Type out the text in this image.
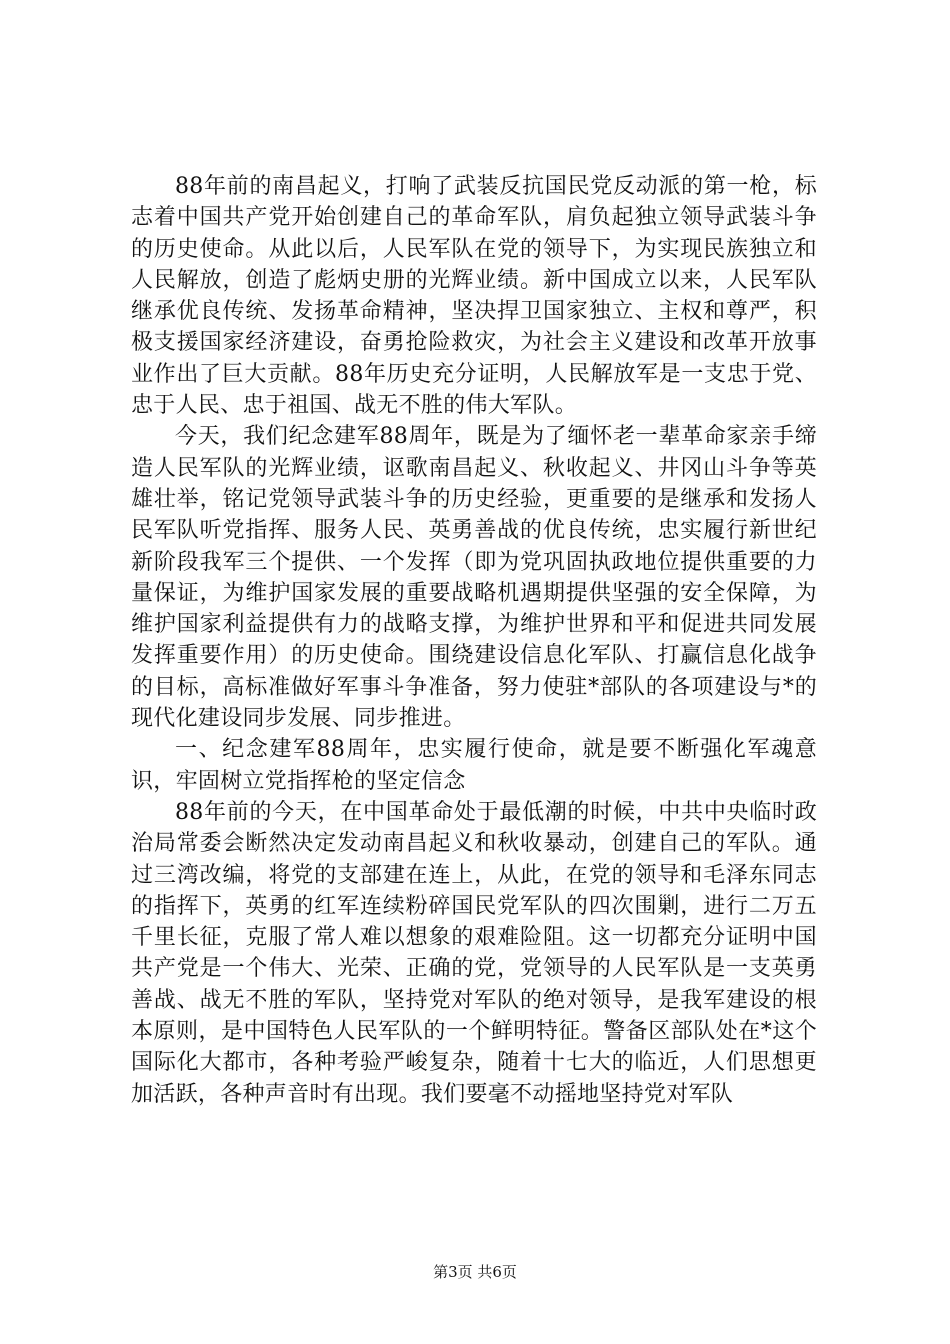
88年前的南昌起义，打响了武装反抗国民党反动派的第一枪，标志着中国共产党开始创建自己的革命军队，肩负起独立领导武装斗争的历史使命。从此以后，人民军队在党的领导下，为实现民族独立和人民解放，创造了彪炳史册的光辉业绩。新中国成立以来，人民军队继承优良传统、发扬革命精神，坚决捍卫国家独立、主权和尊严，积极支援国家经济建设，奋勇抢险救灾，为社会主义建设和改革开放事业作出了巨大贡献。88年历史充分证明，人民解放军是一支忠于党、忠于人民、忠于祖国、战无不胜的伟大军队。

今天，我们纪念建军88周年，既是为了缅怀老一辈革命家亲手缔造人民军队的光辉业绩，讴歌南昌起义、秋收起义、井冈山斗争等英雄壮举，铭记党领导武装斗争的历史经验，更重要的是继承和发扬人民军队听党指挥、服务人民、英勇善战的优良传统，忠实履行新世纪新阶段我军三个提供、一个发挥（即为党巩固执政地位提供重要的力量保证，为维护国家发展的重要战略机遇期提供坚强的安全保障，为维护国家利益提供有力的战略支撑，为维护世界和平和促进共同发展发挥重要作用）的历史使命。围绕建设信息化军队、打赢信息化战争的目标，高标准做好军事斗争准备，努力使驻*部队的各项建设与*的现代化建设同步发展、同步推进。

一、纪念建军88周年，忠实履行使命，就是要不断强化军魂意识，牢固树立党指挥枪的坚定信念

88年前的今天，在中国革命处于最低潮的时候，中共中央临时政治局常委会断然决定发动南昌起义和秋收暴动，创建自己的军队。通过三湾改编，将党的支部建在连上，从此，在党的领导和毛泽东同志的指挥下，英勇的红军连续粉碎国民党军队的四次围剿，进行二万五千里长征，克服了常人难以想象的艰难险阻。这一切都充分证明中国共产党是一个伟大、光荣、正确的党，党领导的人民军队是一支英勇善战、战无不胜的军队，坚持党对军队的绝对领导，是我军建设的根本原则，是中国特色人民军队的一个鲜明特征。警备区部队处在*这个国际化大都市，各种考验严峻复杂，随着十七大的临近，人们思想更加活跃，各种声音时有出现。我们要毫不动摇地坚持党对军队

第3页 共6页
